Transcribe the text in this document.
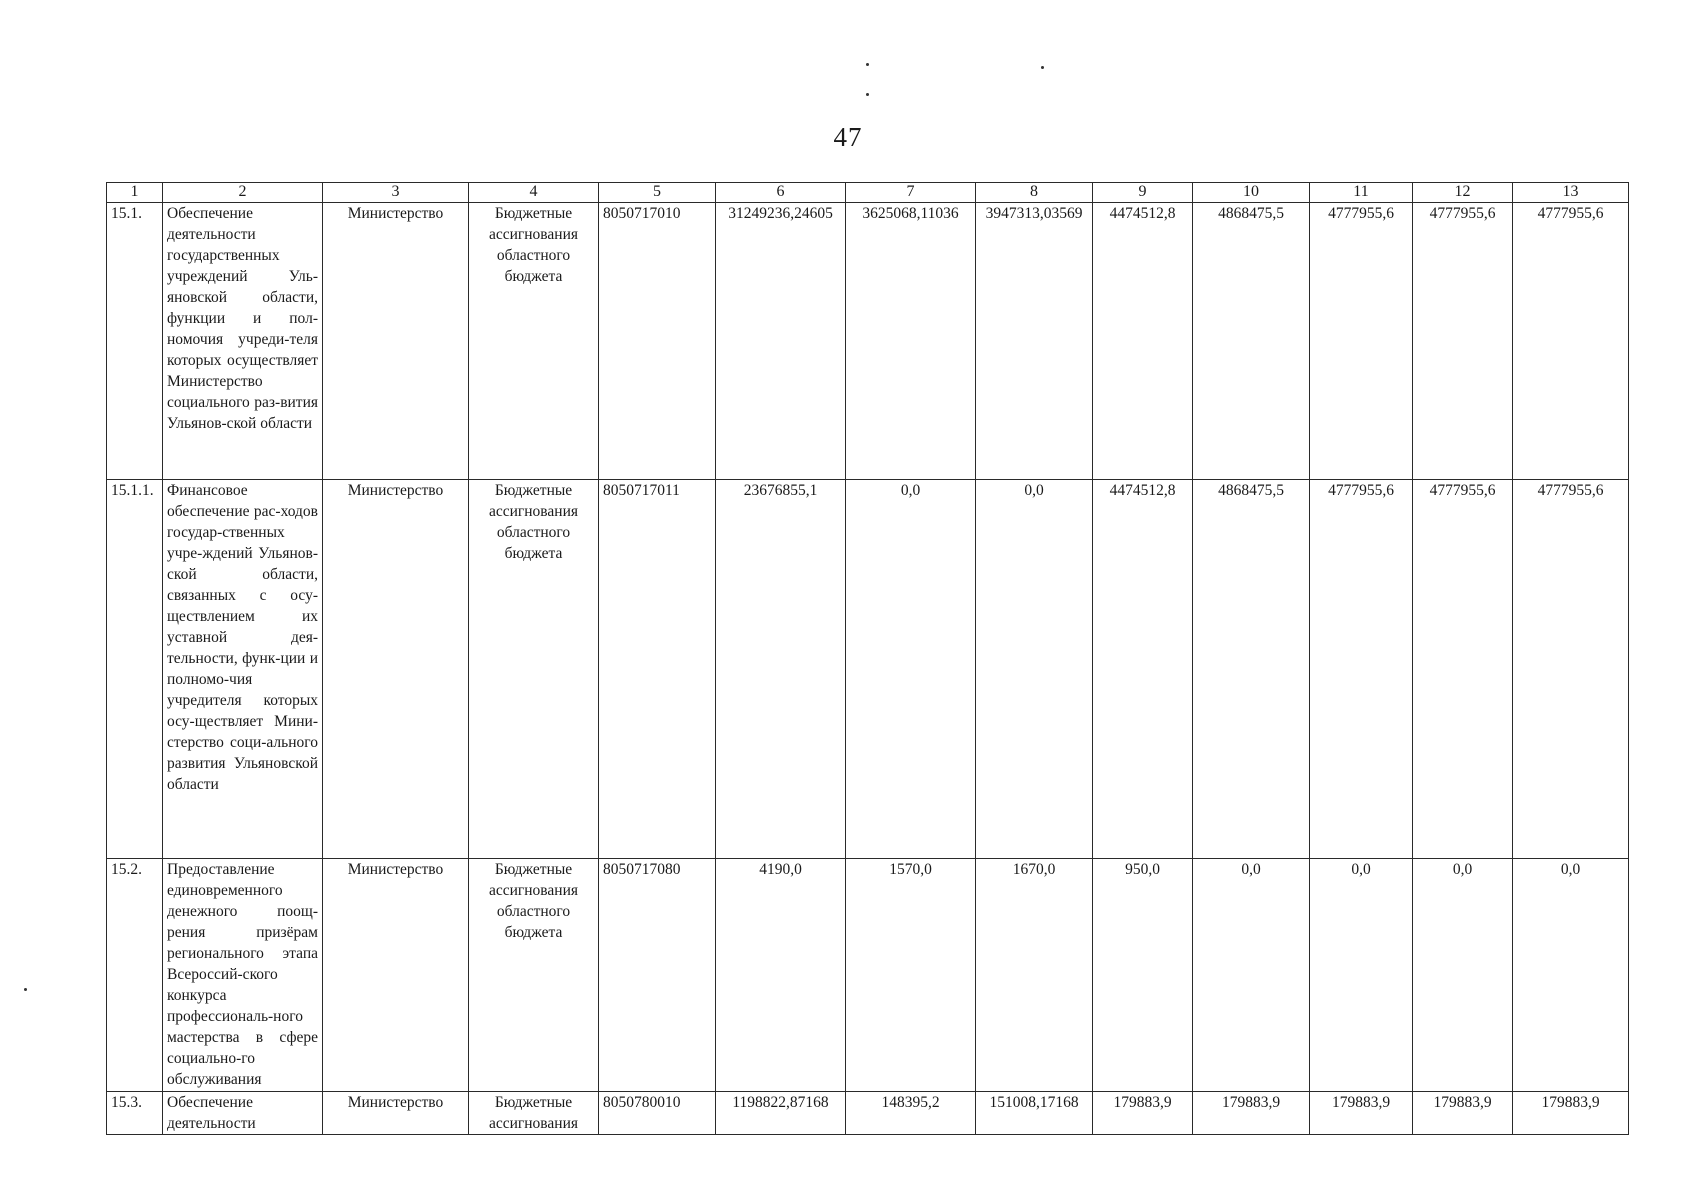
47
1	2	3	4	5	6	7	8	9	10	11	12	13
15.1.	Обеспечение деятельности государственных учреждений Уль-яновской области, функции и пол-номочия учреди-теля которых осуществляет Министерство социального раз-вития Ульянов-ской области	Министерство	Бюджетные ассигнования областного бюджета	8050717010	31249236,24605	3625068,11036	3947313,03569	4474512,8	4868475,5	4777955,6	4777955,6	4777955,6
15.1.1.	Финансовое обеспечение рас-ходов государ-ственных учре-ждений Ульянов-ской области, связанных с осу-ществлением их уставной дея-тельности, функ-ции и полномо-чия учредителя которых осу-ществляет Мини-стерство соци-ального развития Ульяновской области	Министерство	Бюджетные ассигнования областного бюджета	8050717011	23676855,1	0,0	0,0	4474512,8	4868475,5	4777955,6	4777955,6	4777955,6
15.2.	Предоставление единовременного денежного поощ-рения призёрам регионального этапа Всероссий-ского конкурса профессиональ-ного мастерства в сфере социально-го обслуживания	Министерство	Бюджетные ассигнования областного бюджета	8050717080	4190,0	1570,0	1670,0	950,0	0,0	0,0	0,0	0,0
15.3.	Обеспечение деятельности	Министерство	Бюджетные ассигнования	8050780010	1198822,87168	148395,2	151008,17168	179883,9	179883,9	179883,9	179883,9	179883,9
